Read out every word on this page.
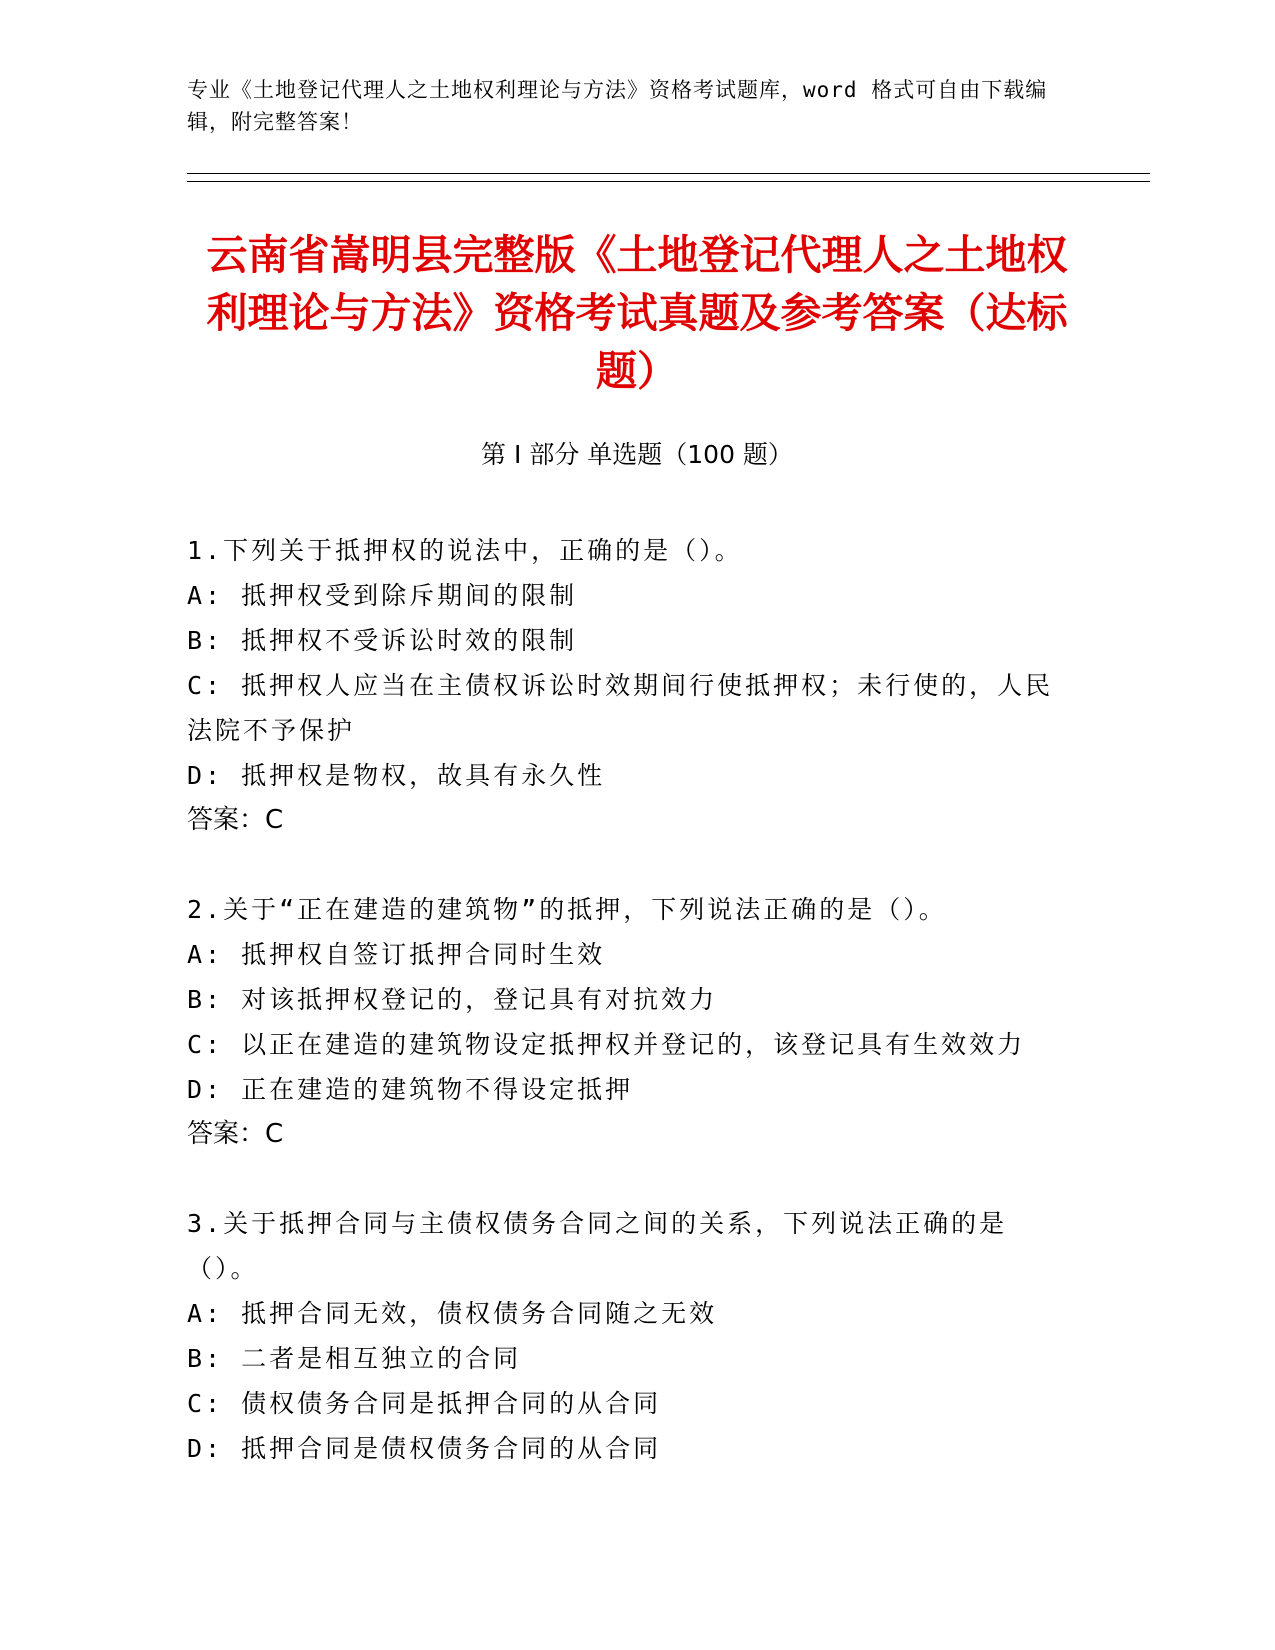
专业《土地登记代理人之土地权利理论与方法》资格考试题库，word 格式可自由下载编辑，附完整答案！
云南省嵩明县完整版《土地登记代理人之土地权利理论与方法》资格考试真题及参考答案（达标题）
第 I 部分 单选题（100 题）
1.下列关于抵押权的说法中，正确的是（）。
A: 抵押权受到除斥期间的限制
B: 抵押权不受诉讼时效的限制
C: 抵押权人应当在主债权诉讼时效期间行使抵押权；未行使的，人民法院不予保护
D: 抵押权是物权，故具有永久性
答案：C
2.关于“正在建造的建筑物”的抵押，下列说法正确的是（）。
A: 抵押权自签订抵押合同时生效
B: 对该抵押权登记的，登记具有对抗效力
C: 以正在建造的建筑物设定抵押权并登记的，该登记具有生效效力
D: 正在建造的建筑物不得设定抵押
答案：C
3.关于抵押合同与主债权债务合同之间的关系，下列说法正确的是（）。
A: 抵押合同无效，债权债务合同随之无效
B: 二者是相互独立的合同
C: 债权债务合同是抵押合同的从合同
D: 抵押合同是债权债务合同的从合同
